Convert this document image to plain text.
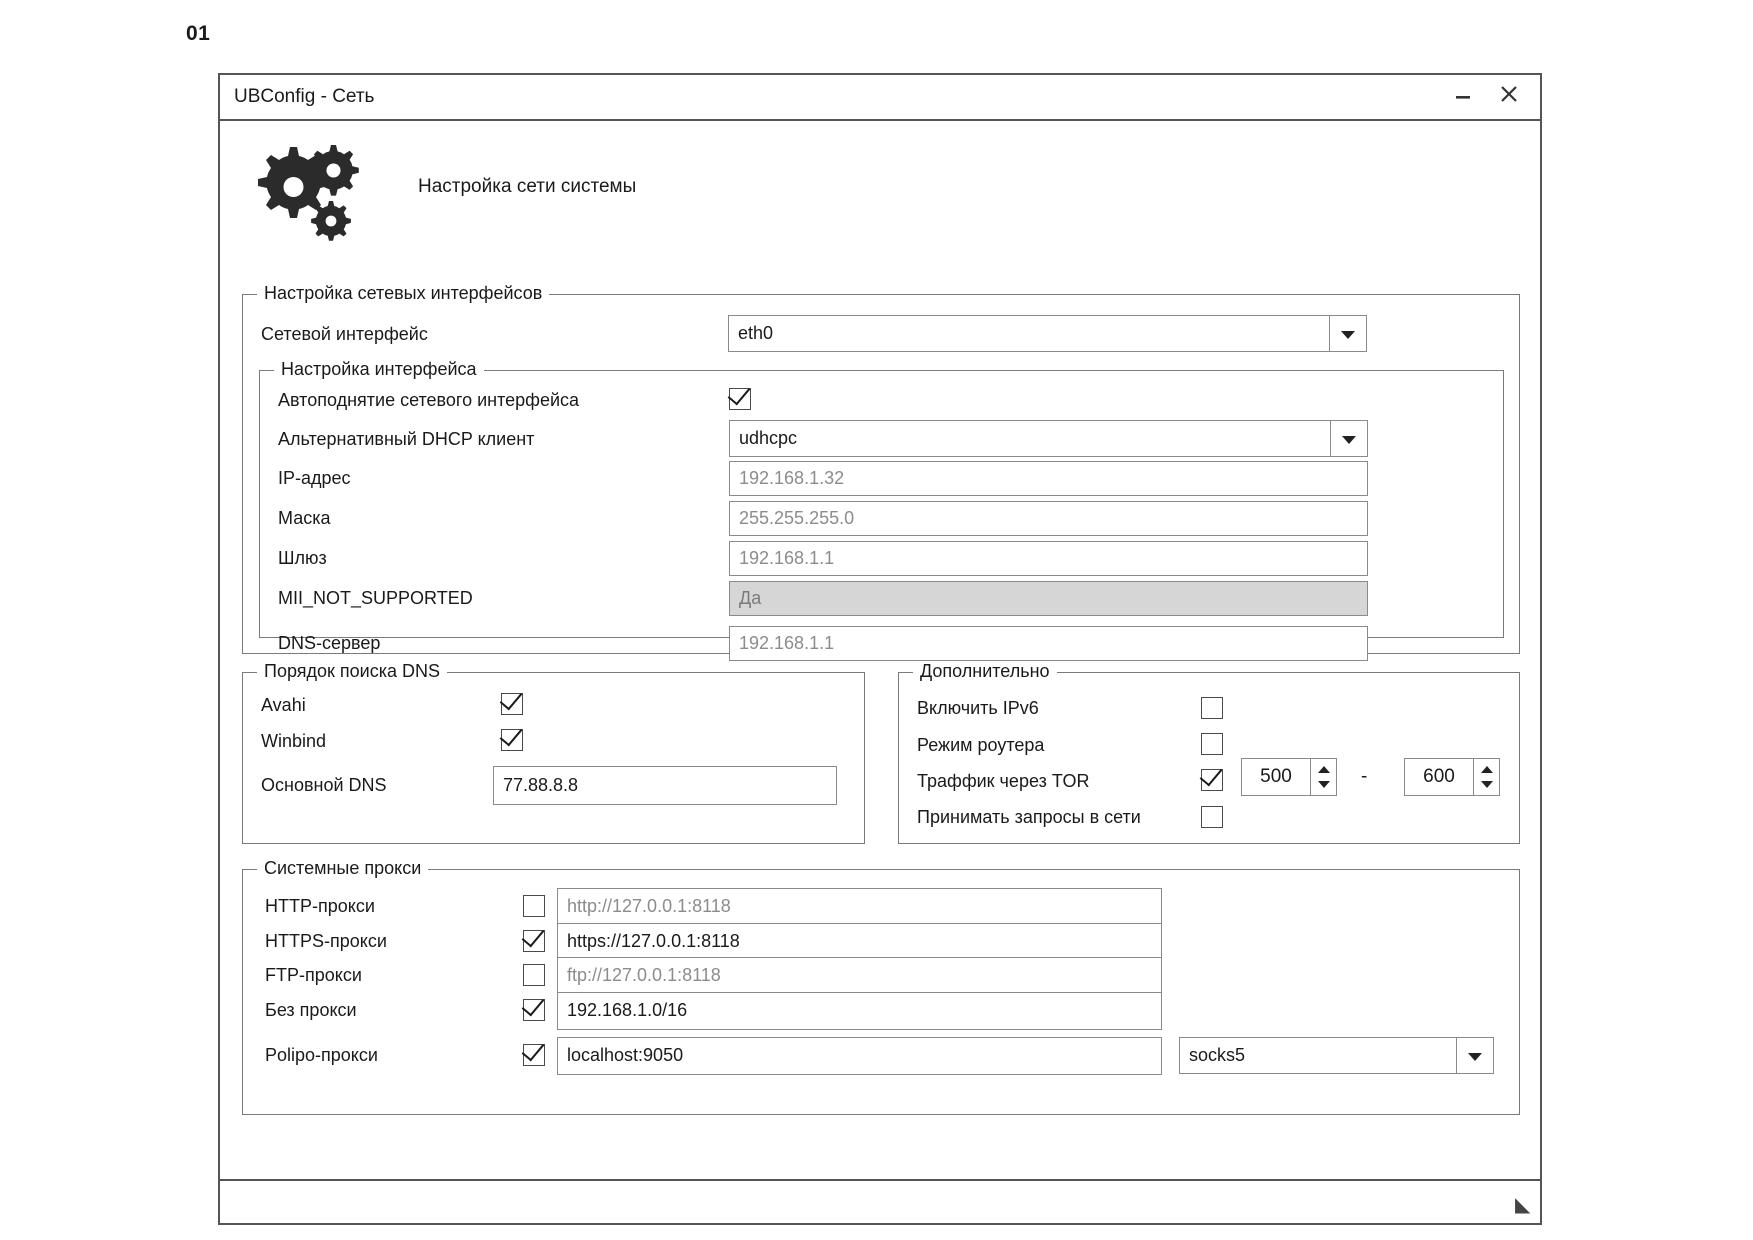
01
UBConfig - Сеть
Настройка сети системы
Настройка сетевых интерфейсов
Сетевой интерфейс	eth0
Настройка интерфейса
Автоподнятие сетевого интерфейса
Альтернативный DHCP клиент	udhcpc
IP-адрес	192.168.1.32
Маска	255.255.255.0
Шлюз	192.168.1.1
MII_NOT_SUPPORTED	Да
DNS-сервер	192.168.1.1
Порядок поиска DNS
Avahi
Winbind
Основной DNS	77.88.8.8
Дополнительно
Включить IPv6
Режим роутера
Траффик через TOR	500	-	600
Принимать запросы в сети
Системные прокси
HTTP-прокси	http://127.0.0.1:8118
HTTPS-прокси	https://127.0.0.1:8118
FTP-прокси	ftp://127.0.0.1:8118
Без прокси	192.168.1.0/16
Polipo-прокси	localhost:9050	socks5
◢
